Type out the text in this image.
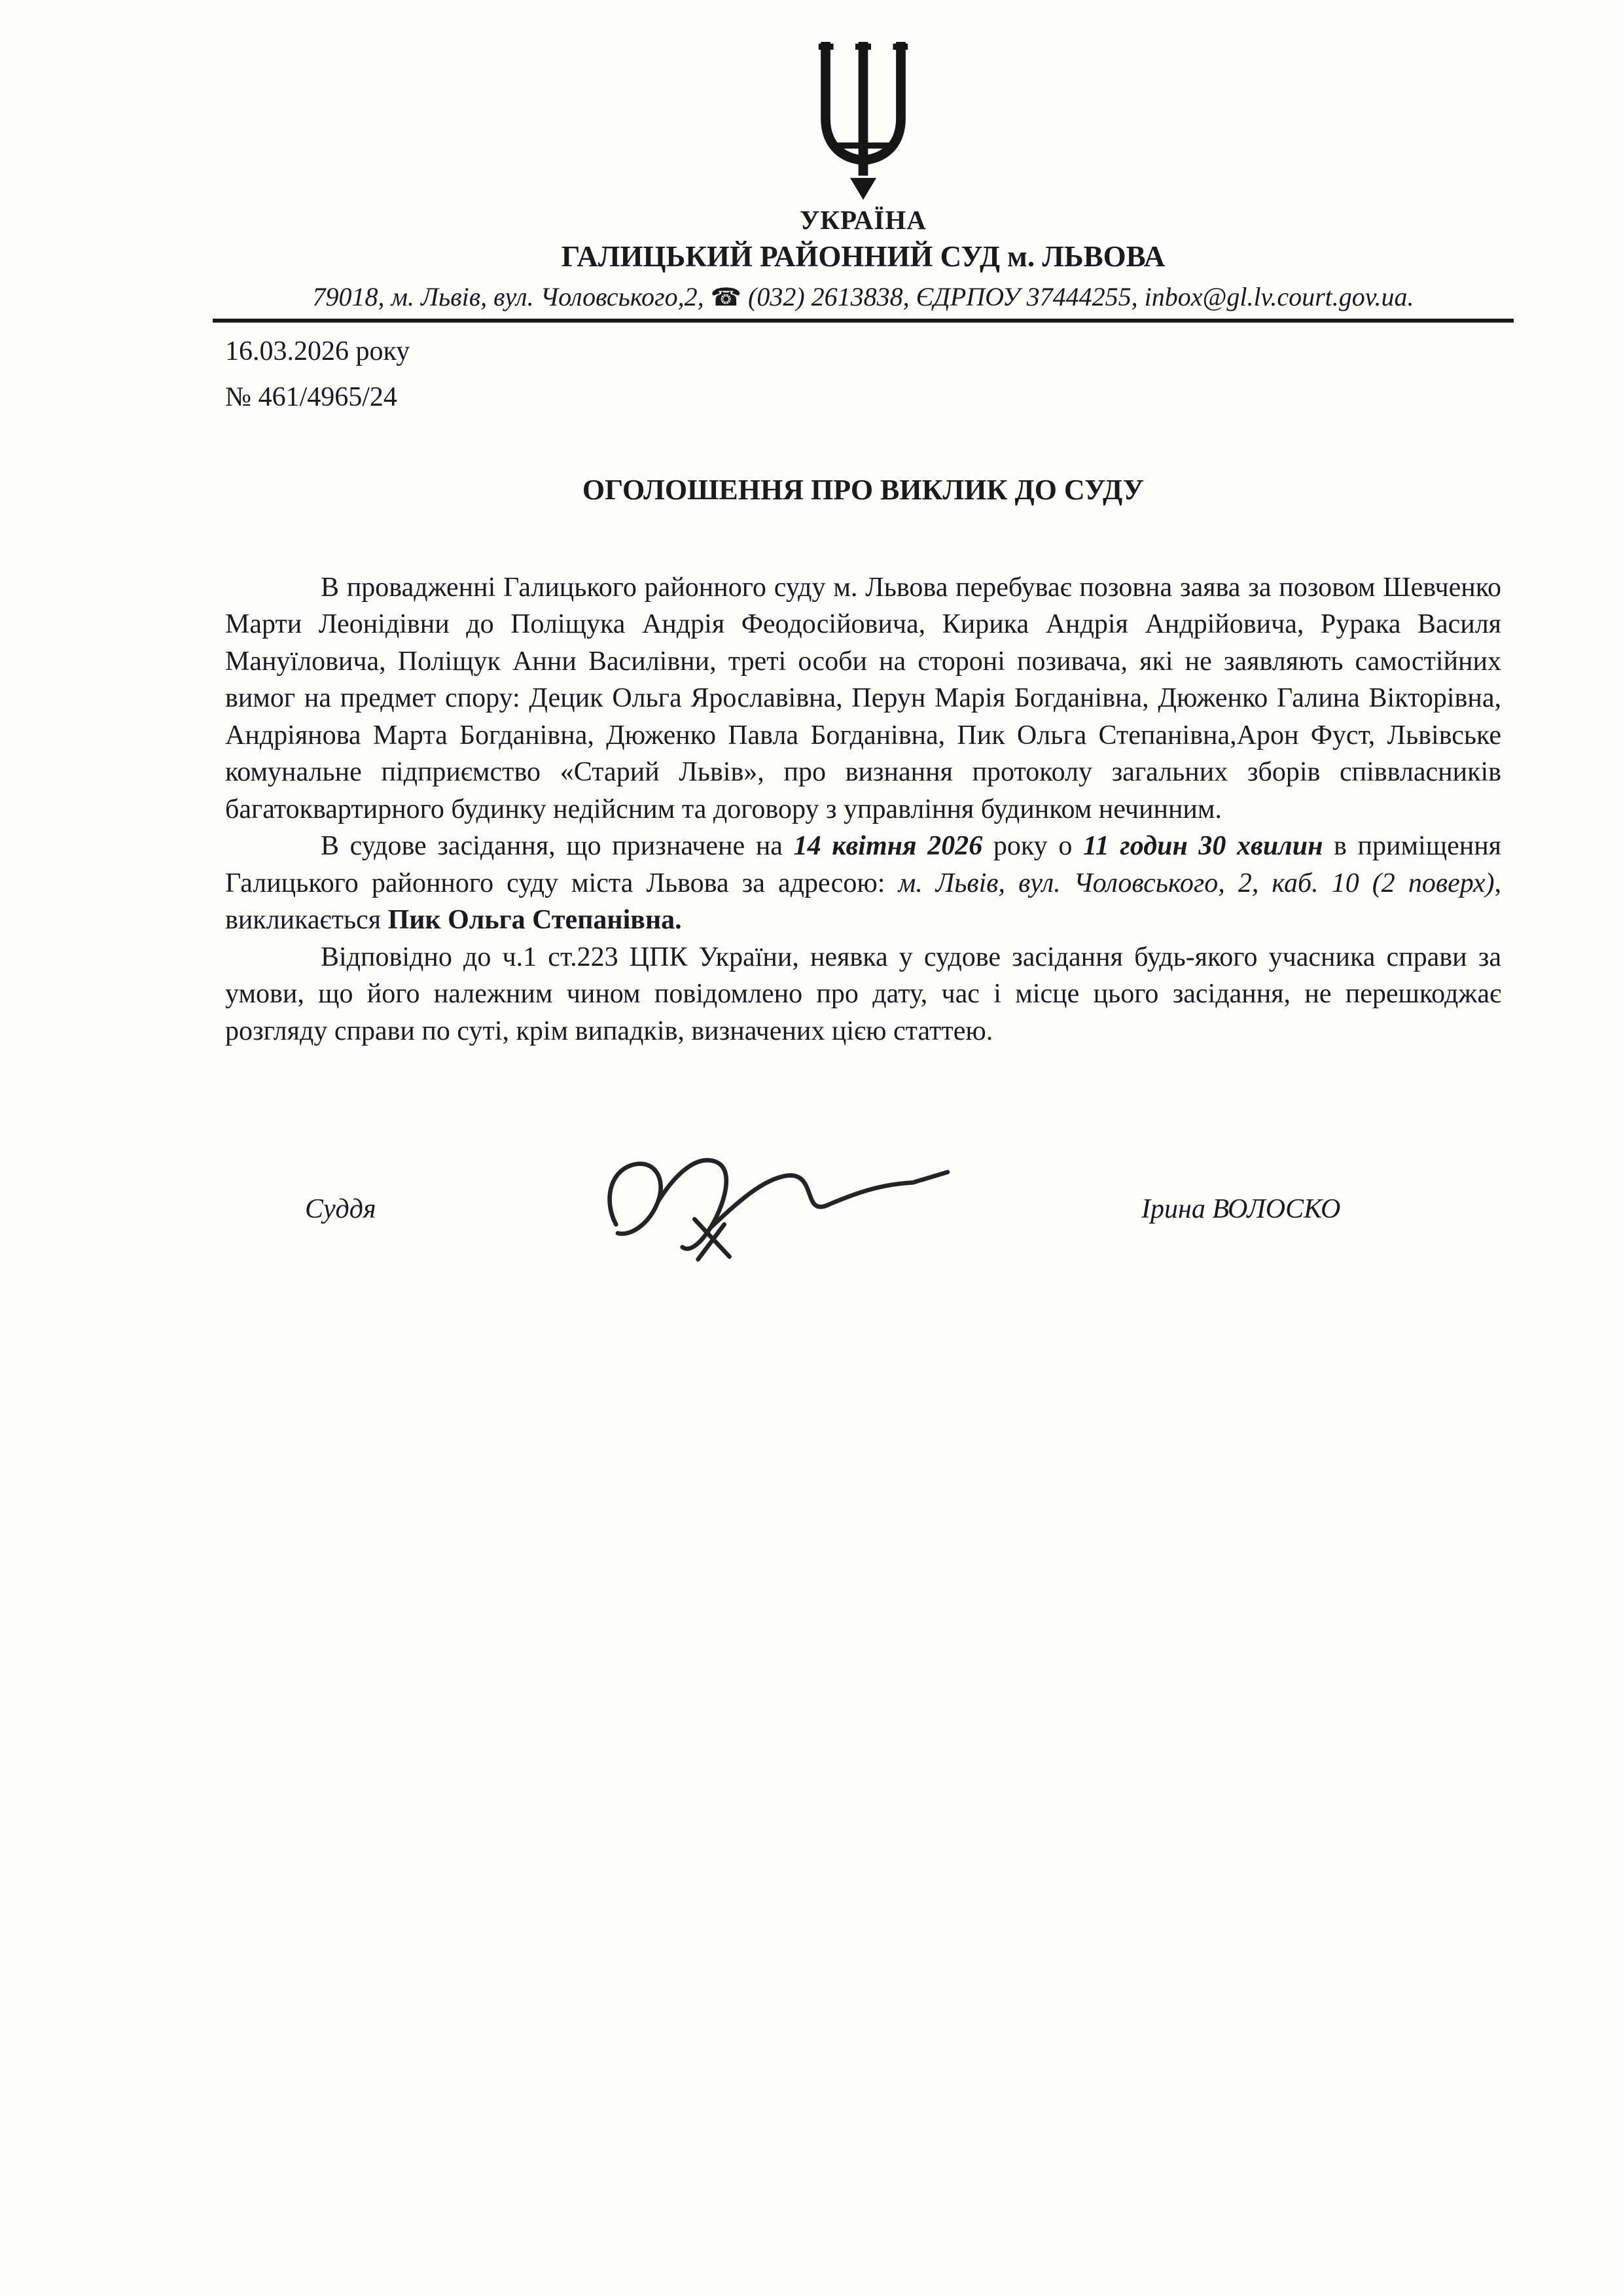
УКРАЇНА
ГАЛИЦЬКИЙ РАЙОННИЙ СУД м. ЛЬВОВА
79018, м. Львів, вул. Чоловського,2, ☎ (032) 2613838, ЄДРПОУ 37444255, inbox@gl.lv.court.gov.ua.
16.03.2026 року
№ 461/4965/24
ОГОЛОШЕННЯ ПРО ВИКЛИК ДО СУДУ

В провадженні Галицького районного суду м. Львова перебуває позовна заява за позовом Шевченко Марти Леонідівни до Поліщука Андрія Феодосійовича, Кирика Андрія Андрійовича, Рурака Василя Мануїловича, Поліщук Анни Василівни, треті особи на стороні позивача, які не заявляють самостійних вимог на предмет спору: Децик Ольга Ярославівна, Перун Марія Богданівна, Дюженко Галина Вікторівна, Андріянова Марта Богданівна, Дюженко Павла Богданівна, Пик Ольга Степанівна,Арон Фуст, Львівське комунальне підприємство «Старий Львів», про визнання протоколу загальних зборів співвласників багатоквартирного будинку недійсним та договору з управління будинком нечинним.

В судове засідання, що призначене на 14 квітня 2026 року о 11 годин 30 хвилин в приміщення Галицького районного суду міста Львова за адресою: м. Львів, вул. Чоловського, 2, каб. 10 (2 поверх), викликається Пик Ольга Степанівна.

Відповідно до ч.1 ст.223 ЦПК України, неявка у судове засідання будь-якого учасника справи за умови, що його належним чином повідомлено про дату, час і місце цього засідання, не перешкоджає розгляду справи по суті, крім випадків, визначених цією статтею.

Суддя	Ірина ВОЛОСКО
